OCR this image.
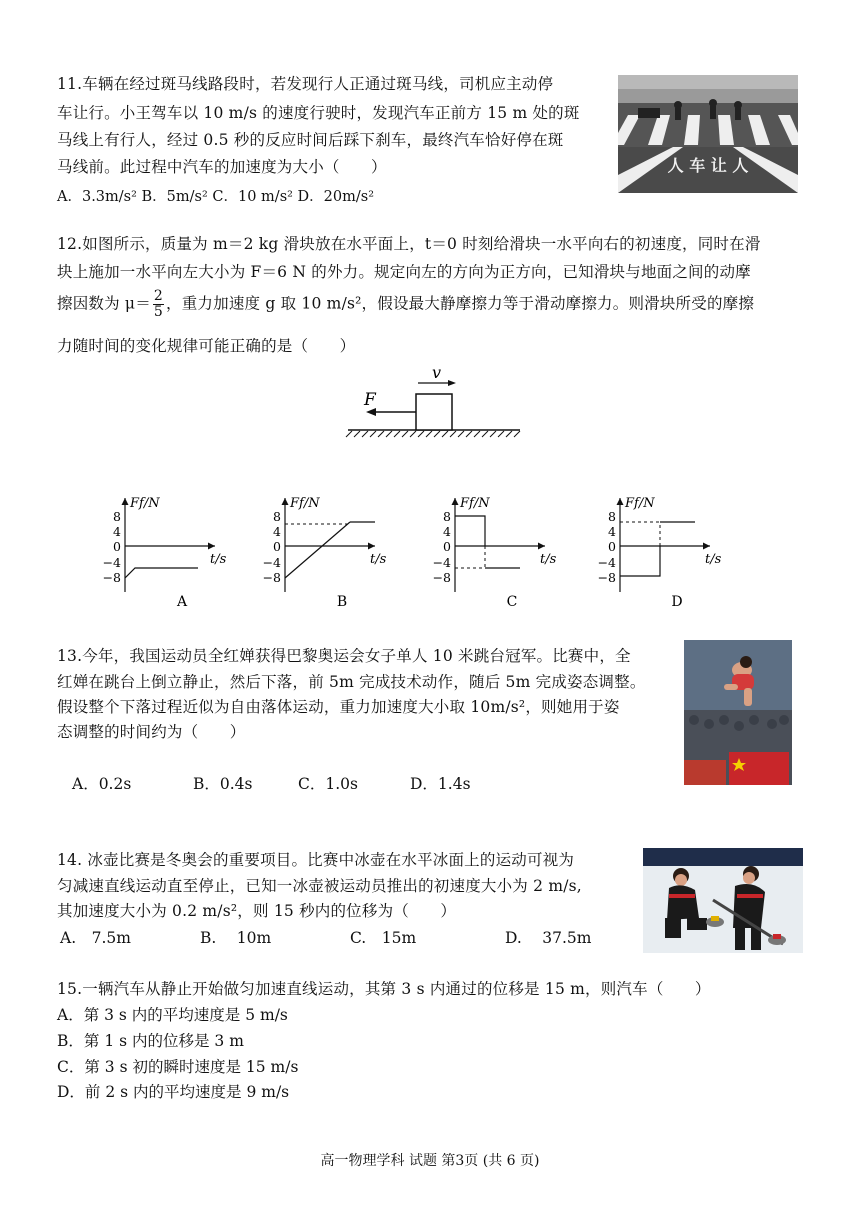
11.车辆在经过斑马线路段时，若发现行人正通过斑马线，司机应主动停
车让行。小王驾车以 10 m/s 的速度行驶时，发现汽车正前方 15 m 处的斑
马线上有行人，经过 0.5 秒的反应时间后踩下刹车，最终汽车恰好停在斑
马线前。此过程中汽车的加速度为大小（　　）
A．3.3m/s² B．5m/s² C．10 m/s² D．20m/s²
人 车 让 人
12.如图所示，质量为 m＝2 kg 滑块放在水平面上，t＝0 时刻给滑块一水平向右的初速度，同时在滑
块上施加一水平向左大小为 F＝6 N 的外力。规定向左的方向为正方向，已知滑块与地面之间的动摩
擦因数为 $\mu= \frac{2}{5}$ ，重力加速度 g 取 10 m/s²，假设最大静摩擦力等于滑动摩擦力。则滑块所受的摩擦
力随时间的变化规律可能正确的是（　　）
F
v
Ff/N
t/s
8
4
0
−4
−8
A
Ff/N
t/s
8
4
0
−4
−8
B
Ff/N
t/s
8
4
0
−4
−8
C
Ff/N
t/s
8
4
0
−4
−8
D
13.今年，我国运动员全红婵获得巴黎奥运会女子单人 10 米跳台冠军。比赛中，全
红婵在跳台上倒立静止，然后下落，前 5m 完成技术动作，随后 5m 完成姿态调整。
假设整个下落过程近似为自由落体运动，重力加速度大小取 10m/s²，则她用于姿
态调整的时间约为（　　）
A．0.2s	B．0.4s	C．1.0s	D．1.4s
14. 冰壶比赛是冬奥会的重要项目。比赛中冰壶在水平冰面上的运动可视为
匀减速直线运动直至停止，已知一冰壶被运动员推出的初速度大小为 2 m/s,
其加速度大小为 0.2 m/s²，则 15 秒内的位移为（　　）
A.　7.5m	B.　 10m	C.　15m	D.　 37.5m
15.一辆汽车从静止开始做匀加速直线运动，其第 3 s 内通过的位移是 15 m，则汽车（　　）
A．第 3 s 内的平均速度是 5 m/s
B．第 1 s 内的位移是 3 m
C．第 3 s 初的瞬时速度是 15 m/s
D．前 2 s 内的平均速度是 9 m/s
高一物理学科 试题 第3页 (共 6 页)
